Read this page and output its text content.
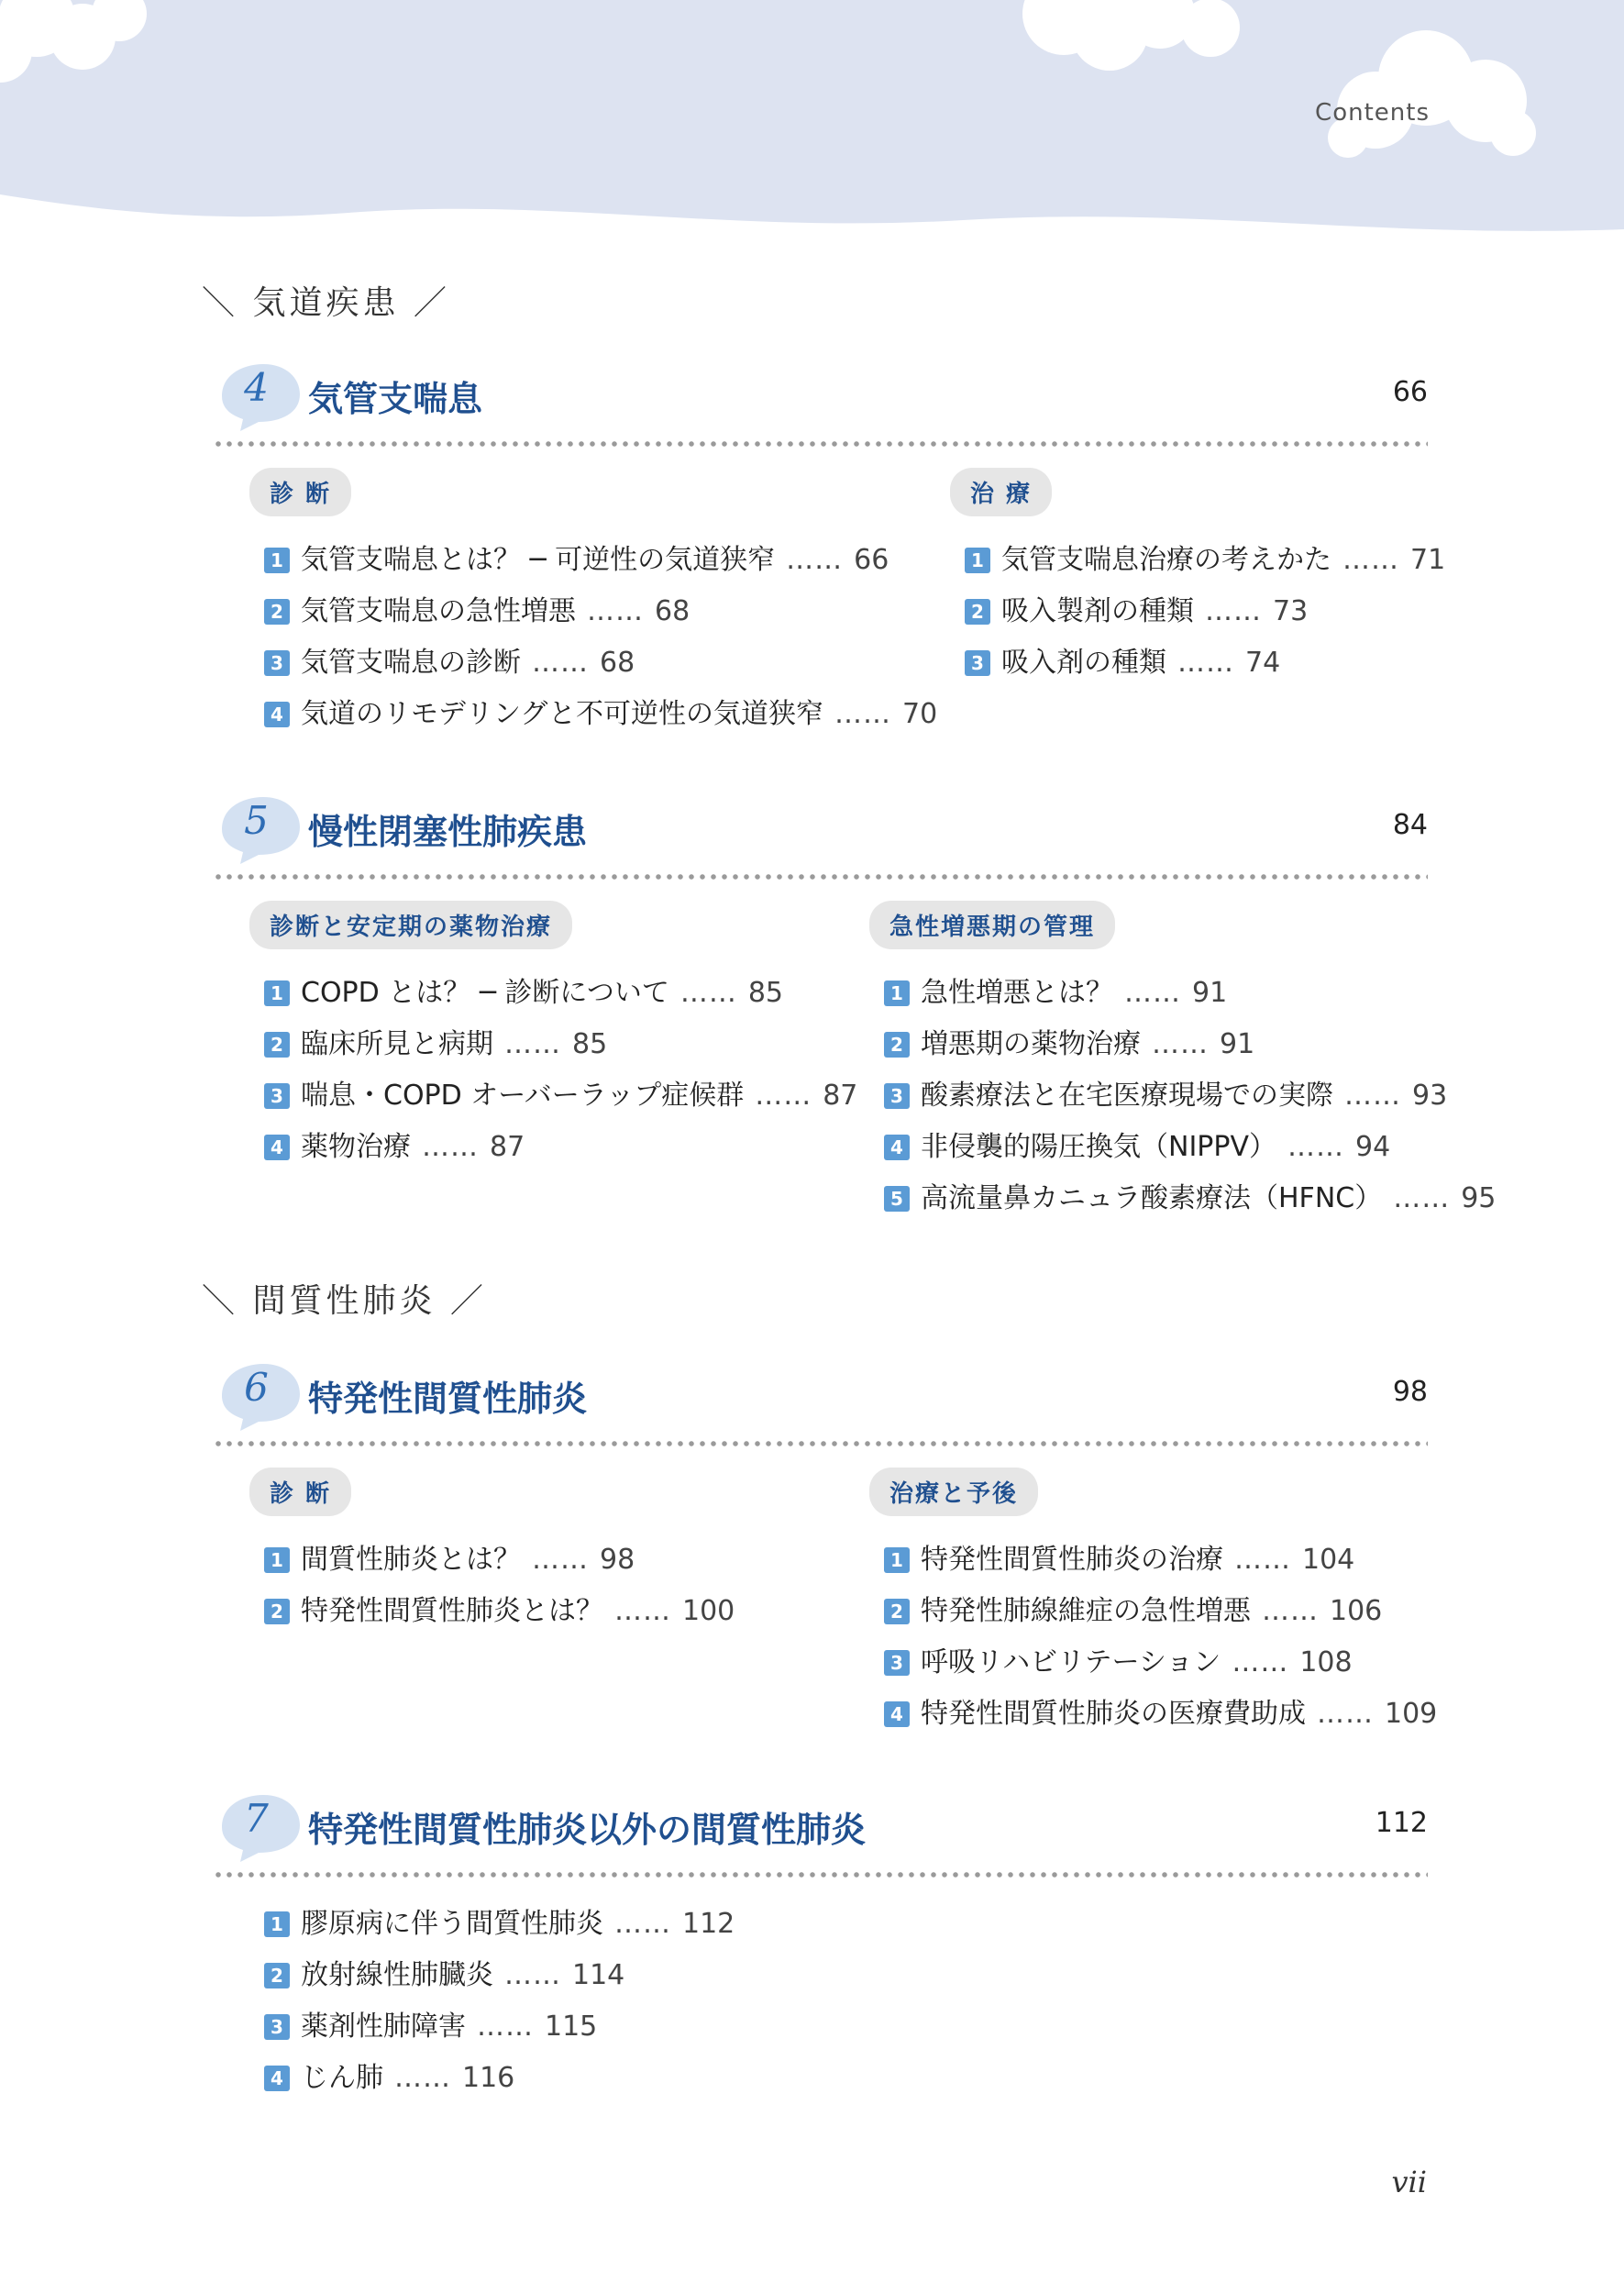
Contents
＼ 気道疾患 ／
4	気管支喘息	66
診 断
1 気管支喘息とは？ ─ 可逆性の気道狭窄 …… 66
2 気管支喘息の急性増悪 …… 68
3 気管支喘息の診断 …… 68
4 気道のリモデリングと不可逆性の気道狭窄 …… 70
治 療
1 気管支喘息治療の考えかた …… 71
2 吸入製剤の種類 …… 73
3 吸入剤の種類 …… 74
5	慢性閉塞性肺疾患	84
診断と安定期の薬物治療
1 COPD とは？ ─ 診断について …… 85
2 臨床所見と病期 …… 85
3 喘息・COPD オーバーラップ症候群 …… 87
4 薬物治療 …… 87
急性増悪期の管理
1 急性増悪とは？ …… 91
2 増悪期の薬物治療 …… 91
3 酸素療法と在宅医療現場での実際 …… 93
4 非侵襲的陽圧換気（NIPPV） …… 94
5 高流量鼻カニュラ酸素療法（HFNC） …… 95
＼ 間質性肺炎 ／
6	特発性間質性肺炎	98
診 断
1 間質性肺炎とは？ …… 98
2 特発性間質性肺炎とは？ …… 100
治療と予後
1 特発性間質性肺炎の治療 …… 104
2 特発性肺線維症の急性増悪 …… 106
3 呼吸リハビリテーション …… 108
4 特発性間質性肺炎の医療費助成 …… 109
7	特発性間質性肺炎以外の間質性肺炎	112
1 膠原病に伴う間質性肺炎 …… 112
2 放射線性肺臓炎 …… 114
3 薬剤性肺障害 …… 115
4 じん肺 …… 116
vii
